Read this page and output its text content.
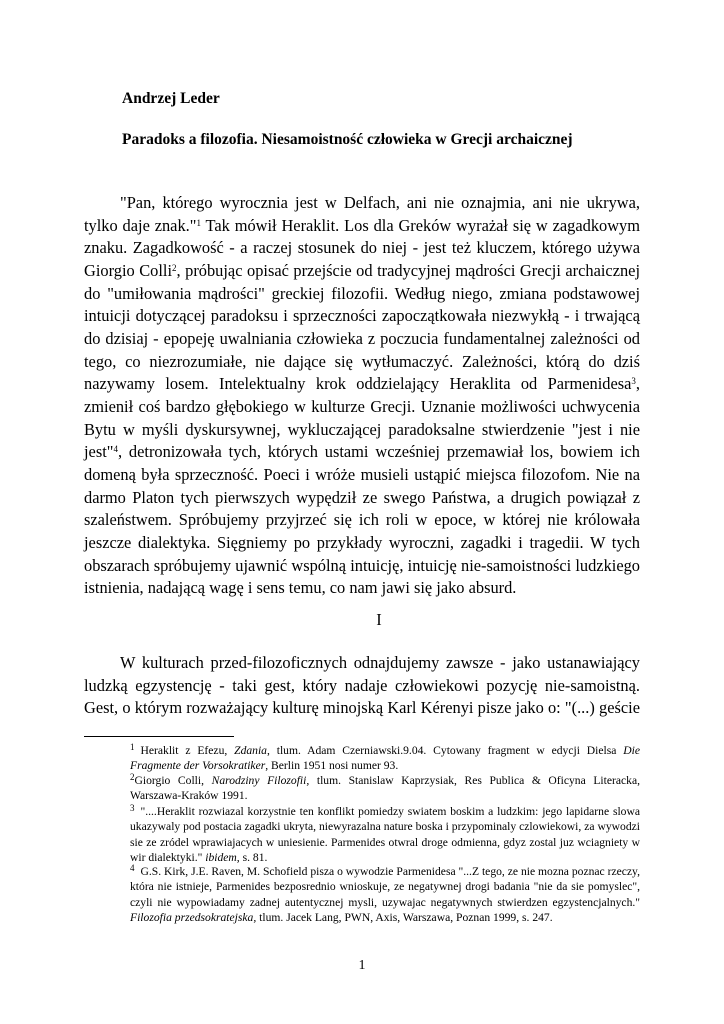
Andrzej Leder
Paradoks a filozofia. Niesamoistność człowieka w Grecji archaicznej

"Pan, którego wyrocznia jest w Delfach, ani nie oznajmia, ani nie ukrywa, tylko daje znak."$^1$ Tak mówił Heraklit. Los dla Greków wyrażał się w zagadkowym znaku. Zagadkowość - a raczej stosunek do niej - jest też kluczem, którego używa Giorgio Colli$^2$, próbując opisać przejście od tradycyjnej mądrości Grecji archaicznej do "umiłowania mądrości" greckiej filozofii. Według niego, zmiana podstawowej intuicji dotyczącej paradoksu i sprzeczności zapoczątkowała niezwykłą - i trwającą do dzisiaj - epopeję uwalniania człowieka z poczucia fundamentalnej zależności od tego, co niezrozumiałe, nie dające się wytłumaczyć. Zależności, którą do dziś nazywamy losem. Intelektualny krok oddzielający Heraklita od Parmenidesa$^3$, zmienił coś bardzo głębokiego w kulturze Grecji. Uznanie możliwości uchwycenia Bytu w myśli dyskursywnej, wykluczającej paradoksalne stwierdzenie "jest i nie jest"$^4$, detronizowała tych, których ustami wcześniej przemawiał los, bowiem ich domeną była sprzeczność. Poeci i wróże musieli ustąpić miejsca filozofom. Nie na darmo Platon tych pierwszych wypędził ze swego Państwa, a drugich powiązał z szaleństwem. Spróbujemy przyjrzeć się ich roli w epoce, w której nie królowała jeszcze dialektyka. Sięgniemy po przykłady wyroczni, zagadki i tragedii. W tych obszarach spróbujemy ujawnić wspólną intuicję, intuicję nie-samoistności ludzkiego istnienia, nadającą wagę i sens temu, co nam jawi się jako absurd.

I

W kulturach przed-filozoficznych odnajdujemy zawsze - jako ustanawiający ludzką egzystencję - taki gest, który nadaje człowiekowi pozycję nie-samoistną. Gest, o którym rozważający kulturę minojską Karl Kérenyi pisze jako o: "(...) geście

$^1$ Heraklit z Efezu, Zdania, tlum. Adam Czerniawski.9.04. Cytowany fragment w edycji Dielsa Die Fragmente der Vorsokratiker, Berlin 1951 nosi numer 93.

$^2$Giorgio Colli, Narodziny Filozofii, tlum. Stanislaw Kaprzysiak, Res Publica & Oficyna Literacka, Warszawa-Kraków 1991.

$^3$ "....Heraklit rozwiazal korzystnie ten konflikt pomiedzy swiatem boskim a ludzkim: jego lapidarne slowa ukazywaly pod postacia zagadki ukryta, niewyrazalna nature boska i przypominaly czlowiekowi, za wywodzi sie ze zródel wprawiajacych w uniesienie. Parmenides otwral droge odmienna, gdyz zostal juz wciagniety w wir dialektyki." ibidem, s. 81.

$^4$ G.S. Kirk, J.E. Raven, M. Schofield pisza o wywodzie Parmenidesa "...Z tego, ze nie mozna poznac rzeczy, która nie istnieje, Parmenides bezposrednio wnioskuje, ze negatywnej drogi badania "nie da sie pomyslec", czyli nie wypowiadamy zadnej autentycznej mysli, uzywajac negatywnych stwierdzen egzystencjalnych." Filozofia przedsokratejska, tlum. Jacek Lang, PWN, Axis, Warszawa, Poznan 1999, s. 247.

1
